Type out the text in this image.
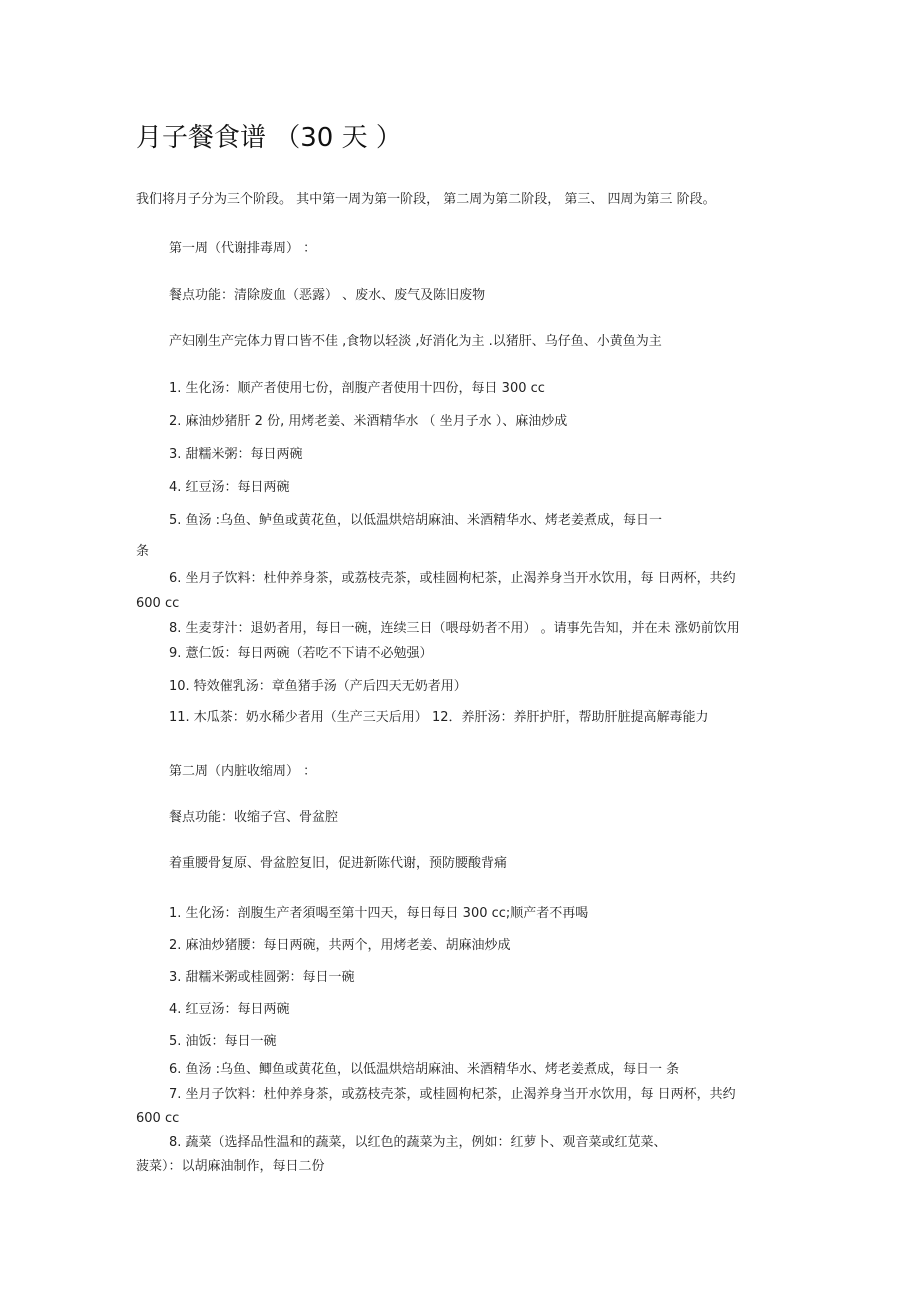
月子餐食谱 （30 天 ）
我们将月子分为三个阶段。 其中第一周为第一阶段， 第二周为第二阶段， 第三、 四周为第三 阶段。
第一周（代谢排毒周） ：
餐点功能：清除废血（恶露） 、废水、废气及陈旧废物
产妇刚生产完体力胃口皆不佳 ,食物以轻淡 ,好消化为主 .以猪肝、乌仔鱼、小黄鱼为主
1. 生化汤：顺产者使用七份，剖腹产者使用十四份，每日 300 cc
2. 麻油炒猪肝 2 份, 用烤老姜、米酒精华水 （ 坐月子水 ）、麻油炒成
3. 甜糯米粥：每日两碗
4. 红豆汤：每日两碗
5. 鱼汤 :乌鱼、鲈鱼或黄花鱼，以低温烘焙胡麻油、米酒精华水、烤老姜煮成，每日一
条
6. 坐月子饮料：杜仲养身茶，或荔枝壳茶，或桂圆枸杞茶，止渴养身当开水饮用，每 日两杯，共约
600 cc
8. 生麦芽汁：退奶者用，每日一碗，连续三日（喂母奶者不用） 。请事先告知，并在未 涨奶前饮用
9. 薏仁饭：每日两碗（若吃不下请不必勉强）
10. 特效催乳汤：章鱼猪手汤（产后四天无奶者用）
11. 木瓜茶：奶水稀少者用（生产三天后用） 12．养肝汤：养肝护肝，帮助肝脏提高解毒能力
第二周（内脏收缩周） ：
餐点功能：收缩子宫、骨盆腔
着重腰骨复原、骨盆腔复旧，促进新陈代谢，预防腰酸背痛
1. 生化汤：剖腹生产者須喝至第十四天，每日每日 300 cc;顺产者不再喝
2. 麻油炒猪腰：每日两碗，共两个，用烤老姜、胡麻油炒成
3. 甜糯米粥或桂圆粥：每日一碗
4. 红豆汤：每日两碗
5. 油饭：每日一碗
6. 鱼汤 :乌鱼、鲫鱼或黄花鱼，以低温烘焙胡麻油、米酒精华水、烤老姜煮成，每日一 条
7. 坐月子饮料：杜仲养身茶，或荔枝壳茶，或桂圆枸杞茶，止渴养身当开水饮用，每 日两杯，共约
600 cc
8. 蔬菜（选择品性温和的蔬菜，以红色的蔬菜为主，例如：红萝卜、观音菜或红苋菜、
菠菜）：以胡麻油制作，每日二份
